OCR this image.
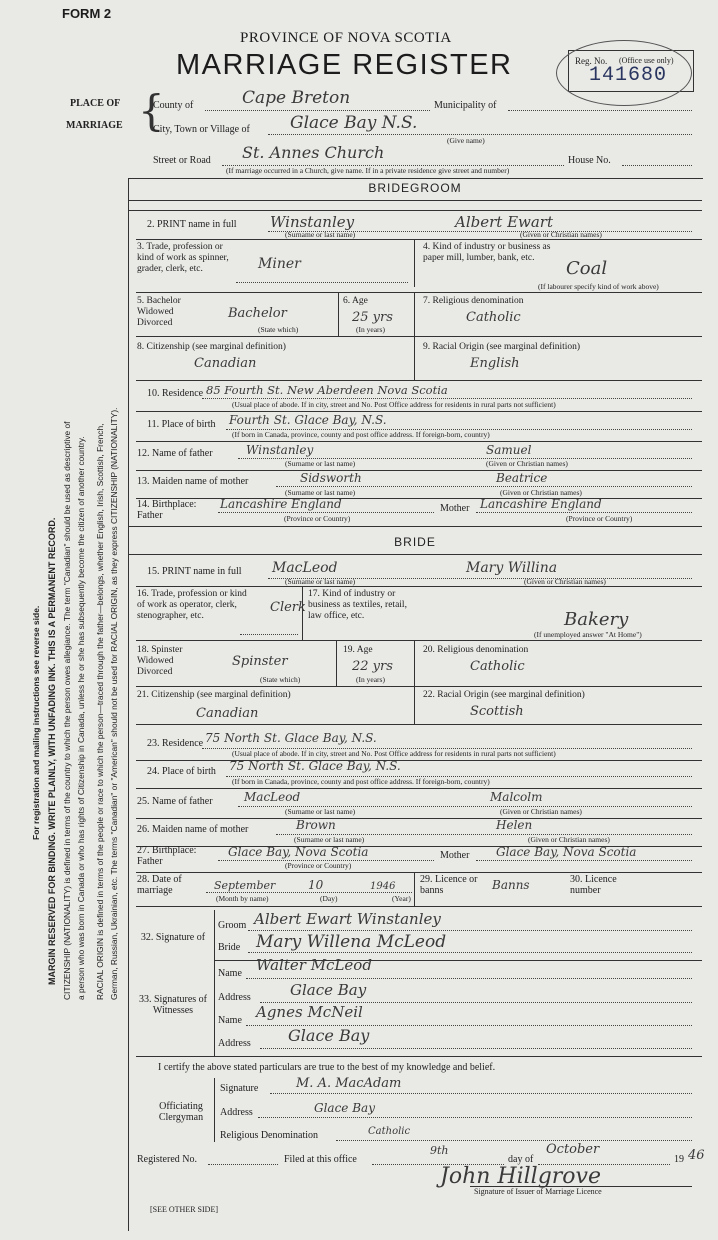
FORM 2
PROVINCE OF NOVA SCOTIA
MARRIAGE REGISTER	Reg. No. (Office use only)
141680
PLACE OF
MARRIAGE {
County of	Cape Breton	Municipality of
City, Town or Village of Glace Bay N.S.
(Give name)
Street or Road St. Annes Church	House No.
(If marriage occurred in a Church, give name. If in a private residence give street and number)
BRIDEGROOM
2. PRINT name in full Winstanley	Albert Ewart
(Surname or last name)	(Given or Christian names)
3. Trade, profession or kind of work as spinner, grader, clerk, etc.	Miner
4. Kind of industry or business as paper mill, lumber, bank, etc.	Coal
(If labourer specify kind of work above)
5. Bachelor Widowed Divorced
Bachelor
(State which)
6. Age
25 yrs
(In years)
7. Religious denomination
Catholic
8. Citizenship (see marginal definition)
Canadian
9. Racial Origin (see marginal definition)
English
10. Residence 85 Fourth St. New Aberdeen Nova Scotia
(Usual place of abode. If in city, street and No. Post Office address for residents in rural parts not sufficient)
11. Place of birth Fourth St. Glace Bay, N.S.
(If born in Canada, province, county and post office address. If foreign-born, country)
12. Name of father	Winstanley	Samuel
(Surname or last name)	(Given or Christian names)
13. Maiden name of mother	Sidsworth	Beatrice
(Surname or last name)	(Given or Christian names)
14. Birthplace: Father
Lancashire England	Mother Lancashire England
(Province or Country)	(Province or Country)
BRIDE
15. PRINT name in full MacLeod	Mary Willina
(Surname or last name)	(Given or Christian names)
16. Trade, profession or kind of work as operator, clerk, stenographer, etc.
Clerk
17. Kind of industry or business as textiles, retail, law office, etc.	Bakery
(If unemployed answer "At Home")
18. Spinster Widowed Divorced
Spinster
(State which)
19. Age
22 yrs
(In years)
20. Religious denomination
Catholic
21. Citizenship (see marginal definition)
Canadian
22. Racial Origin (see marginal definition)
Scottish
23. Residence 75 North St. Glace Bay, N.S.
(Usual place of abode. If in city, street and No. Post Office address for residents in rural parts not sufficient)
24. Place of birth 75 North St. Glace Bay, N.S.
(If born in Canada, province, county and post office address. If foreign-born, country)
25. Name of father	MacLeod	Malcolm
(Surname or last name)	(Given or Christian names)
26. Maiden name of mother	Brown	Helen
(Surname or last name)	(Given or Christian names)
27. Birthplace: Father
Glace Bay, Nova Scotia	Mother Glace Bay, Nova Scotia
(Province or Country)
28. Date of marriage	September	10	1946
(Month by name)	(Day)	(Year)
29. Licence or banns	Banns	30. Licence number
32. Signature of
Groom Albert Ewart Winstanley
Bride Mary Willena McLeod
33. Signatures of Witnesses
Name Walter McLeod
Address	Glace Bay
Name Agnes McNeil
Address Glace Bay
I certify the above stated particulars are true to the best of my knowledge and belief.
Officiating Clergyman
Signature	M. A. MacAdam
Address	Glace Bay
Religious Denomination	Catholic
Registered No.	Filed at this office
9th
day of
October
19 46
John Hillgrove
Signature of Issuer of Marriage Licence
[SEE OTHER SIDE]
For registration and mailing instructions see reverse side. MARGIN RESERVED FOR BINDING. WRITE PLAINLY, WITH UNFADING INK. THIS IS A PERMANENT RECORD. CITIZENSHIP (NATIONALITY) is defined in terms of the country to which the person owes allegiance. The term "Canadian" should be used as descriptive of a person who was born in Canada or who has rights of Citizenship in Canada, unless he or she has subsequently become the citizen of another country. RACIAL ORIGIN is defined in terms of the people or race to which the person—traced through the father—belongs, whether English, Irish, Scottish, French, German, Russian, Ukrainian, etc. The terms "Canadian" or "American" should not be used for RACIAL ORIGIN, as they express CITIZENSHIP (NATIONALITY).
